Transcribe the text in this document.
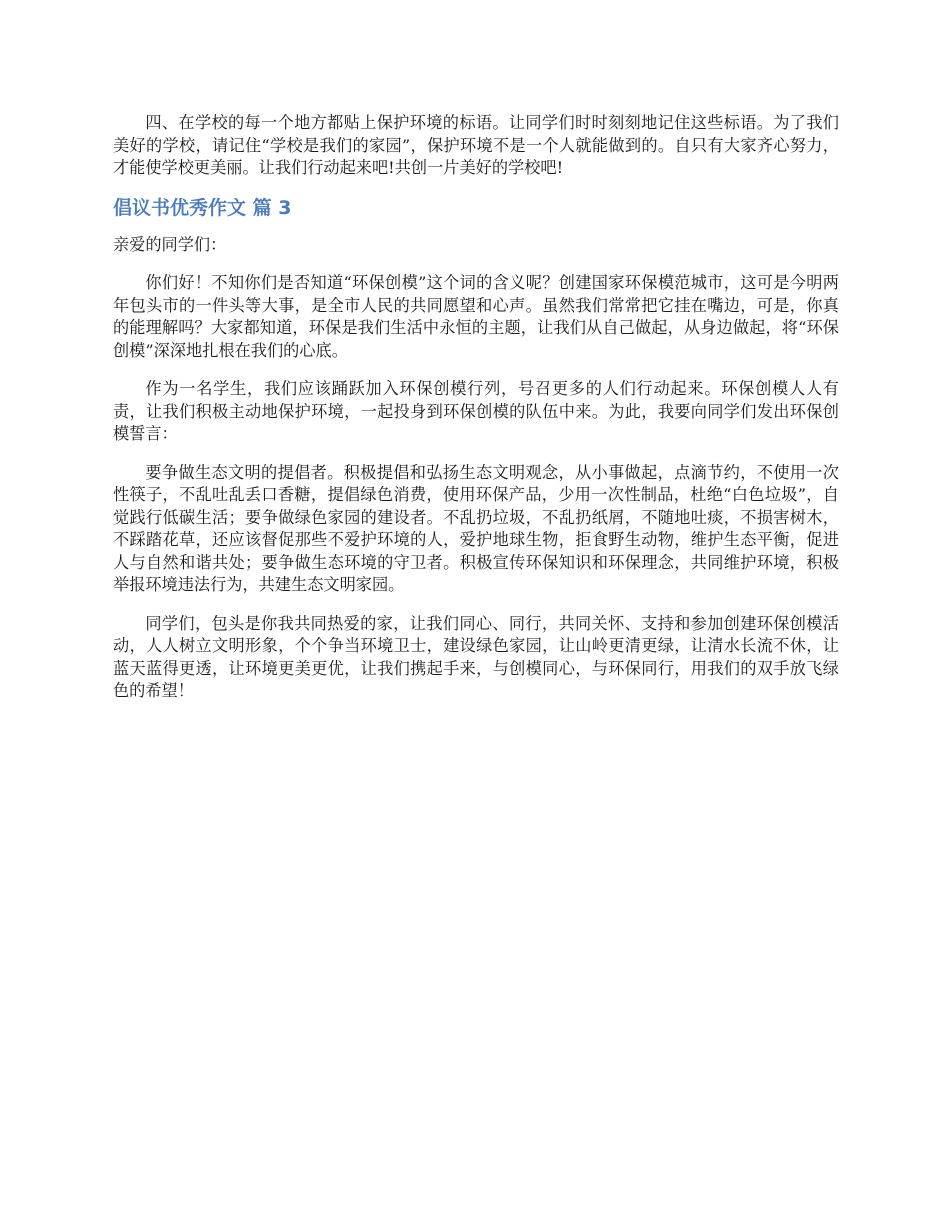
四、在学校的每一个地方都贴上保护环境的标语。让同学们时时刻刻地记住这些标语。为了我们美好的学校，请记住“学校是我们的家园”，保护环境不是一个人就能做到的。自只有大家齐心努力，才能使学校更美丽。让我们行动起来吧!共创一片美好的学校吧!

倡议书优秀作文 篇 3

亲爱的同学们：

你们好！不知你们是否知道“环保创模”这个词的含义呢？创建国家环保模范城市，这可是今明两年包头市的一件头等大事，是全市人民的共同愿望和心声。虽然我们常常把它挂在嘴边，可是，你真的能理解吗？大家都知道，环保是我们生活中永恒的主题，让我们从自己做起，从身边做起，将“环保创模”深深地扎根在我们的心底。

作为一名学生，我们应该踊跃加入环保创模行列，号召更多的人们行动起来。环保创模人人有责，让我们积极主动地保护环境，一起投身到环保创模的队伍中来。为此，我要向同学们发出环保创模誓言：

要争做生态文明的提倡者。积极提倡和弘扬生态文明观念，从小事做起，点滴节约，不使用一次性筷子，不乱吐乱丢口香糖，提倡绿色消费，使用环保产品，少用一次性制品，杜绝“白色垃圾”，自觉践行低碳生活；要争做绿色家园的建设者。不乱扔垃圾，不乱扔纸屑，不随地吐痰，不损害树木，不踩踏花草，还应该督促那些不爱护环境的人，爱护地球生物，拒食野生动物，维护生态平衡，促进人与自然和谐共处；要争做生态环境的守卫者。积极宣传环保知识和环保理念，共同维护环境，积极举报环境违法行为，共建生态文明家园。

同学们，包头是你我共同热爱的家，让我们同心、同行，共同关怀、支持和参加创建环保创模活动，人人树立文明形象，个个争当环境卫士，建设绿色家园，让山岭更清更绿，让清水长流不休，让蓝天蓝得更透，让环境更美更优，让我们携起手来，与创模同心，与环保同行，用我们的双手放飞绿色的希望！
